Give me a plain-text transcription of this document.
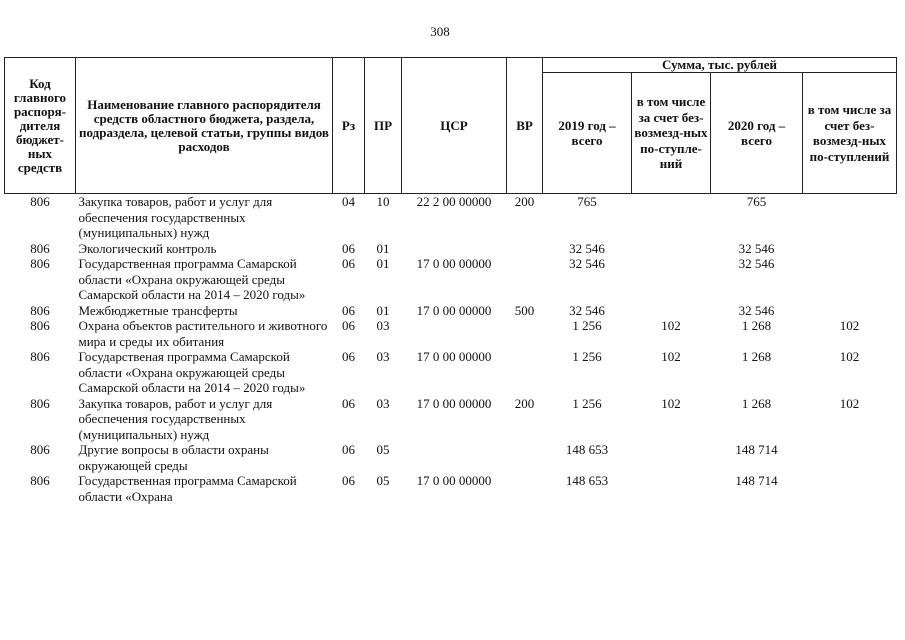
308
Код главного распоря-дителя бюджет-ных средств	Наименование главного распорядителя средств областного бюджета, раздела, подраздела, целевой статьи, группы видов расходов	Рз	ПР	ЦСР	ВР	Сумма, тыс. рублей			
						2019 год – всего	в том числе за счет без-возмезд-ных по-ступле-ний	2020 год – всего	в том числе за счет без-возмезд-ных по-ступлений
806	Закупка товаров, работ и услуг для обеспечения государственных (муниципальных) нужд	04	10	22 2 00 00000	200	765		765	
806	Экологический контроль	06	01			32 546		32 546	
806	Государственная программа Самарской области «Охрана окружающей среды Самарской области на 2014 – 2020 годы»	06	01	17 0 00 00000		32 546		32 546	
806	Межбюджетные трансферты	06	01	17 0 00 00000	500	32 546		32 546	
806	Охрана объектов растительного и животного мира и среды их обитания	06	03			1 256	102	1 268	102
806	Государственая программа Самарской области «Охрана окружающей среды Самарской области на 2014 – 2020 годы»	06	03	17 0 00 00000		1 256	102	1 268	102
806	Закупка товаров, работ и услуг для обеспечения государственных (муниципальных) нужд	06	03	17 0 00 00000	200	1 256	102	1 268	102
806	Другие вопросы в области охраны окружающей среды	06	05			148 653		148 714	
806	Государственная программа Самарской области «Охрана	06	05	17 0 00 00000		148 653		148 714	
